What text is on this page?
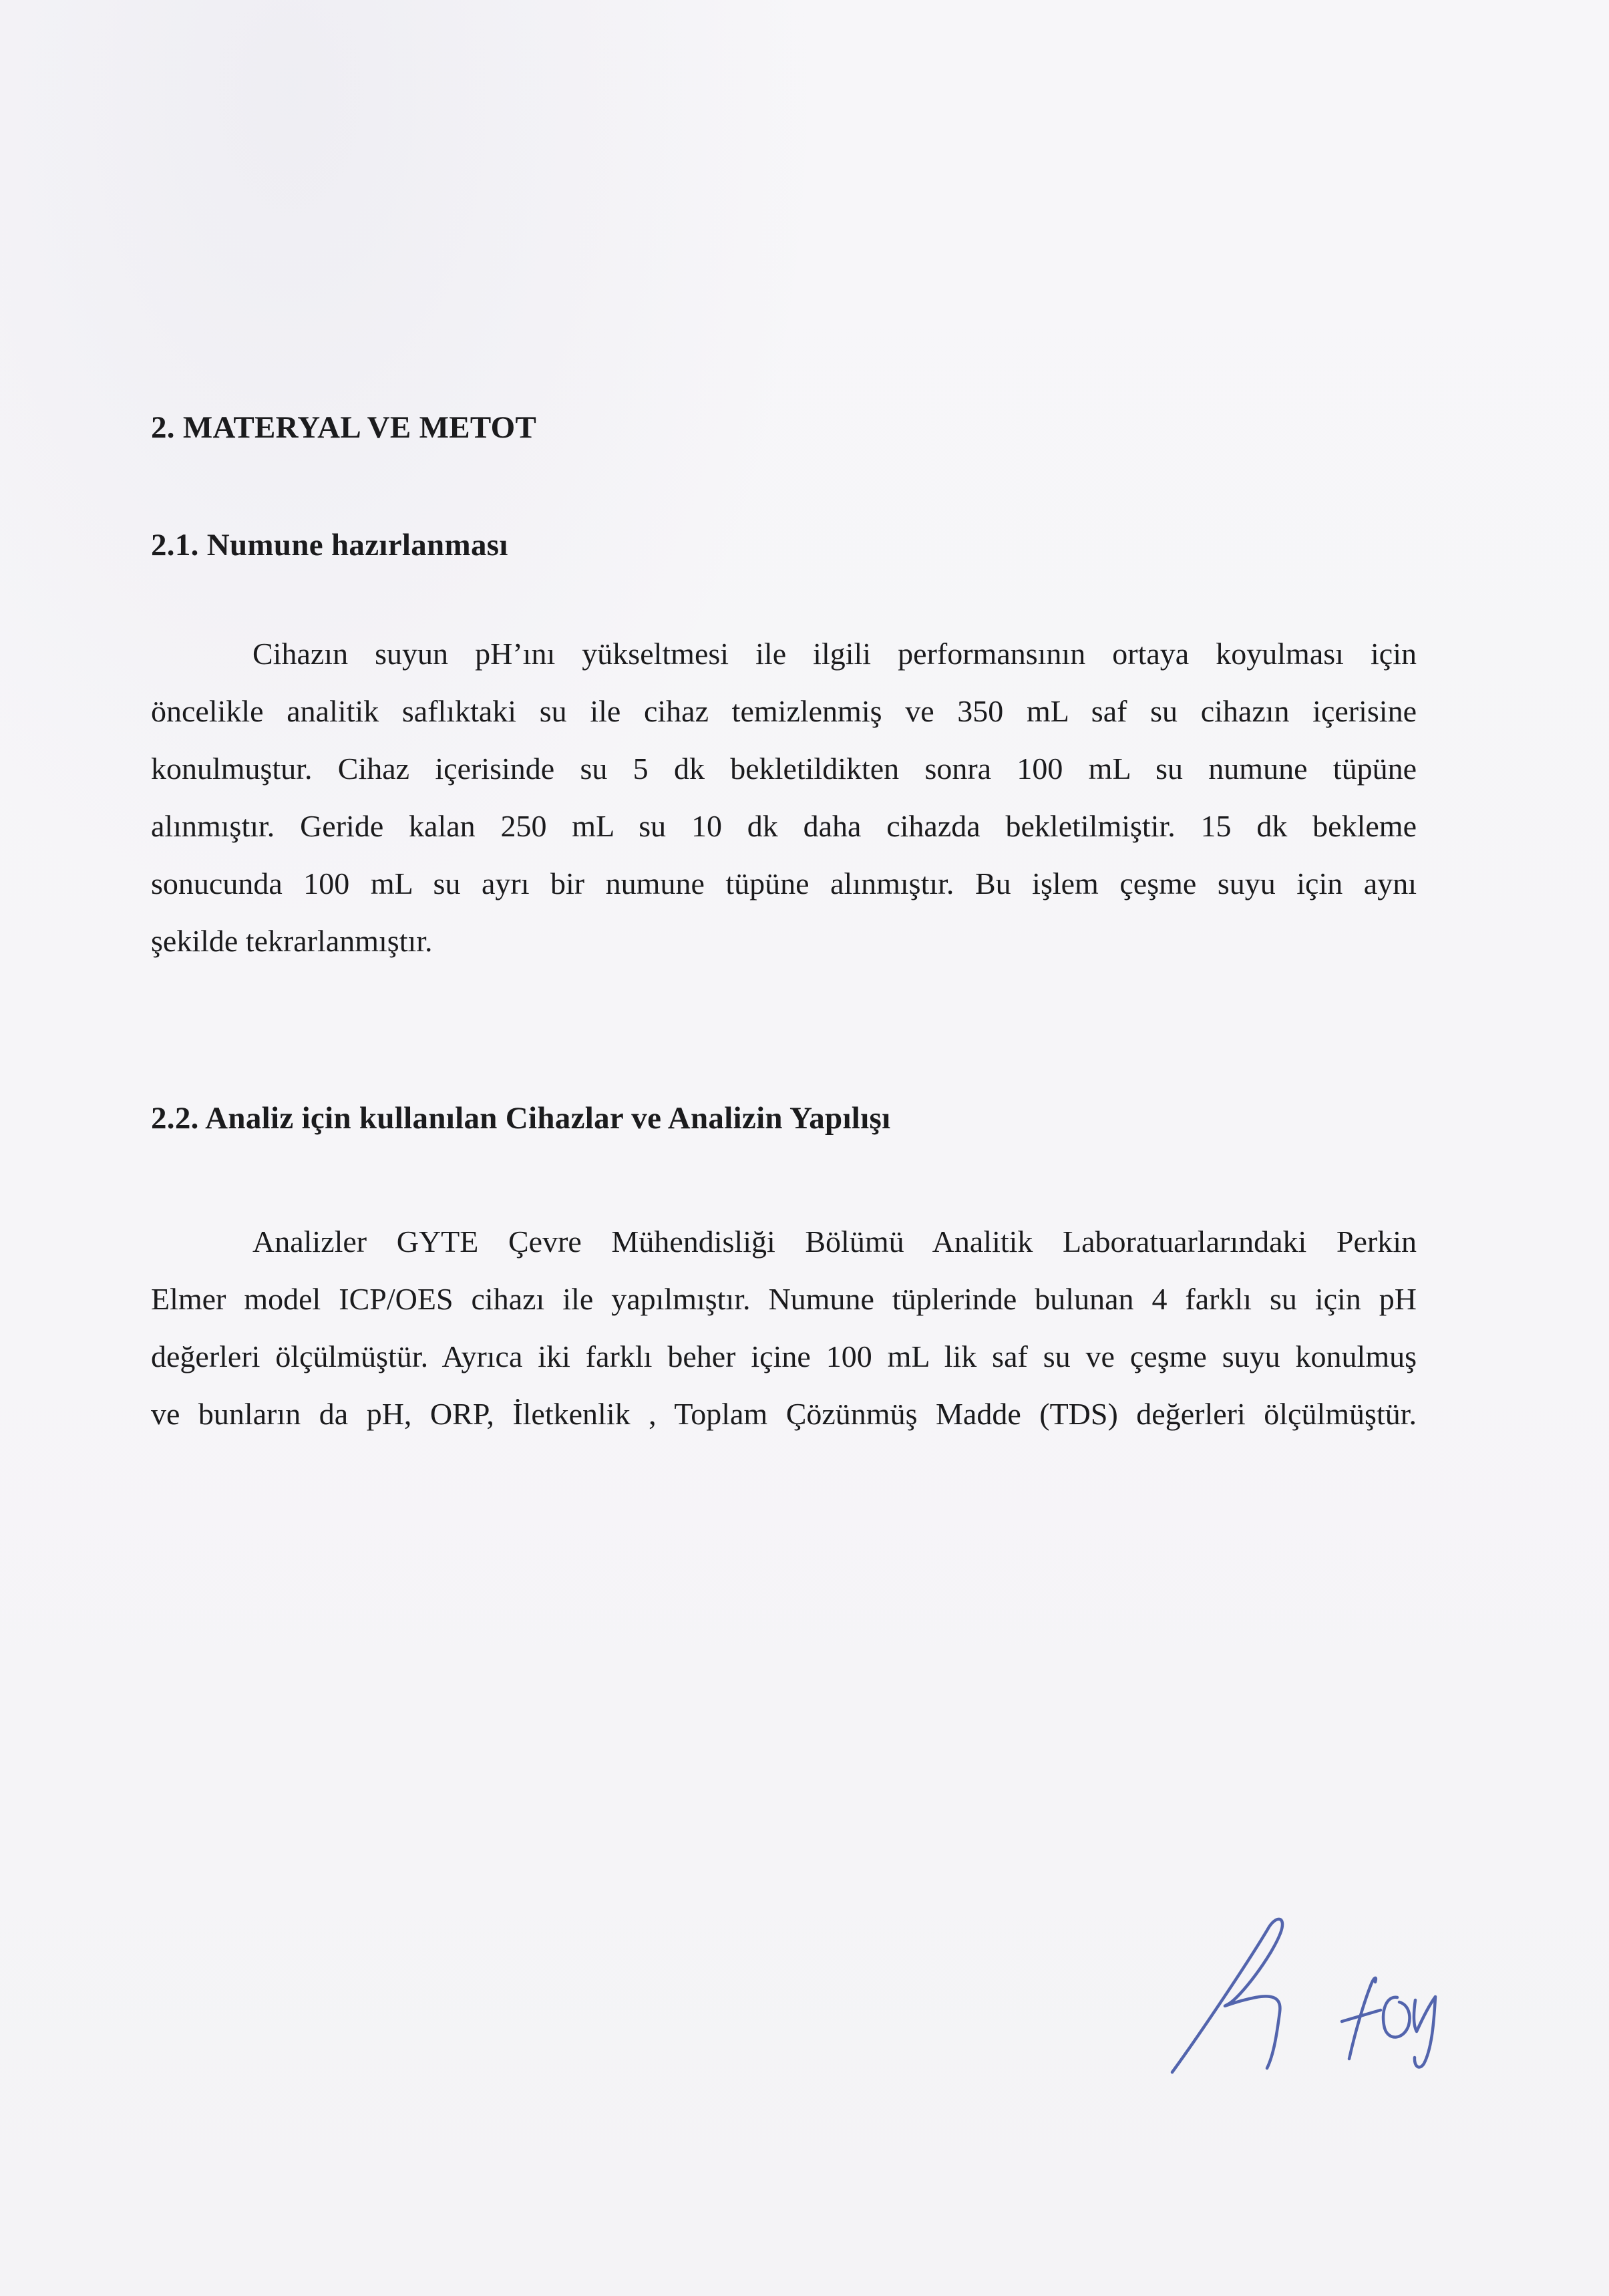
2. MATERYAL VE METOT
2.1. Numune hazırlanması
Cihazın suyun pH’ını yükseltmesi ile ilgili performansının ortaya koyulması için
öncelikle analitik saflıktaki su ile cihaz temizlenmiş ve 350 mL saf su cihazın içerisine
konulmuştur. Cihaz içerisinde su 5 dk bekletildikten sonra 100 mL su numune tüpüne
alınmıştır. Geride kalan 250 mL su 10 dk daha cihazda bekletilmiştir. 15 dk bekleme
sonucunda 100 mL su ayrı bir numune tüpüne alınmıştır. Bu işlem çeşme suyu için aynı
şekilde tekrarlanmıştır.
2.2. Analiz için kullanılan Cihazlar ve Analizin Yapılışı
Analizler GYTE Çevre Mühendisliği Bölümü Analitik Laboratuarlarındaki Perkin
Elmer model ICP/OES cihazı ile yapılmıştır. Numune tüplerinde bulunan 4 farklı su için pH
değerleri ölçülmüştür. Ayrıca iki farklı beher içine 100 mL lik saf su ve çeşme suyu konulmuş
ve bunların da pH, ORP, İletkenlik , Toplam Çözünmüş Madde (TDS) değerleri ölçülmüştür.
